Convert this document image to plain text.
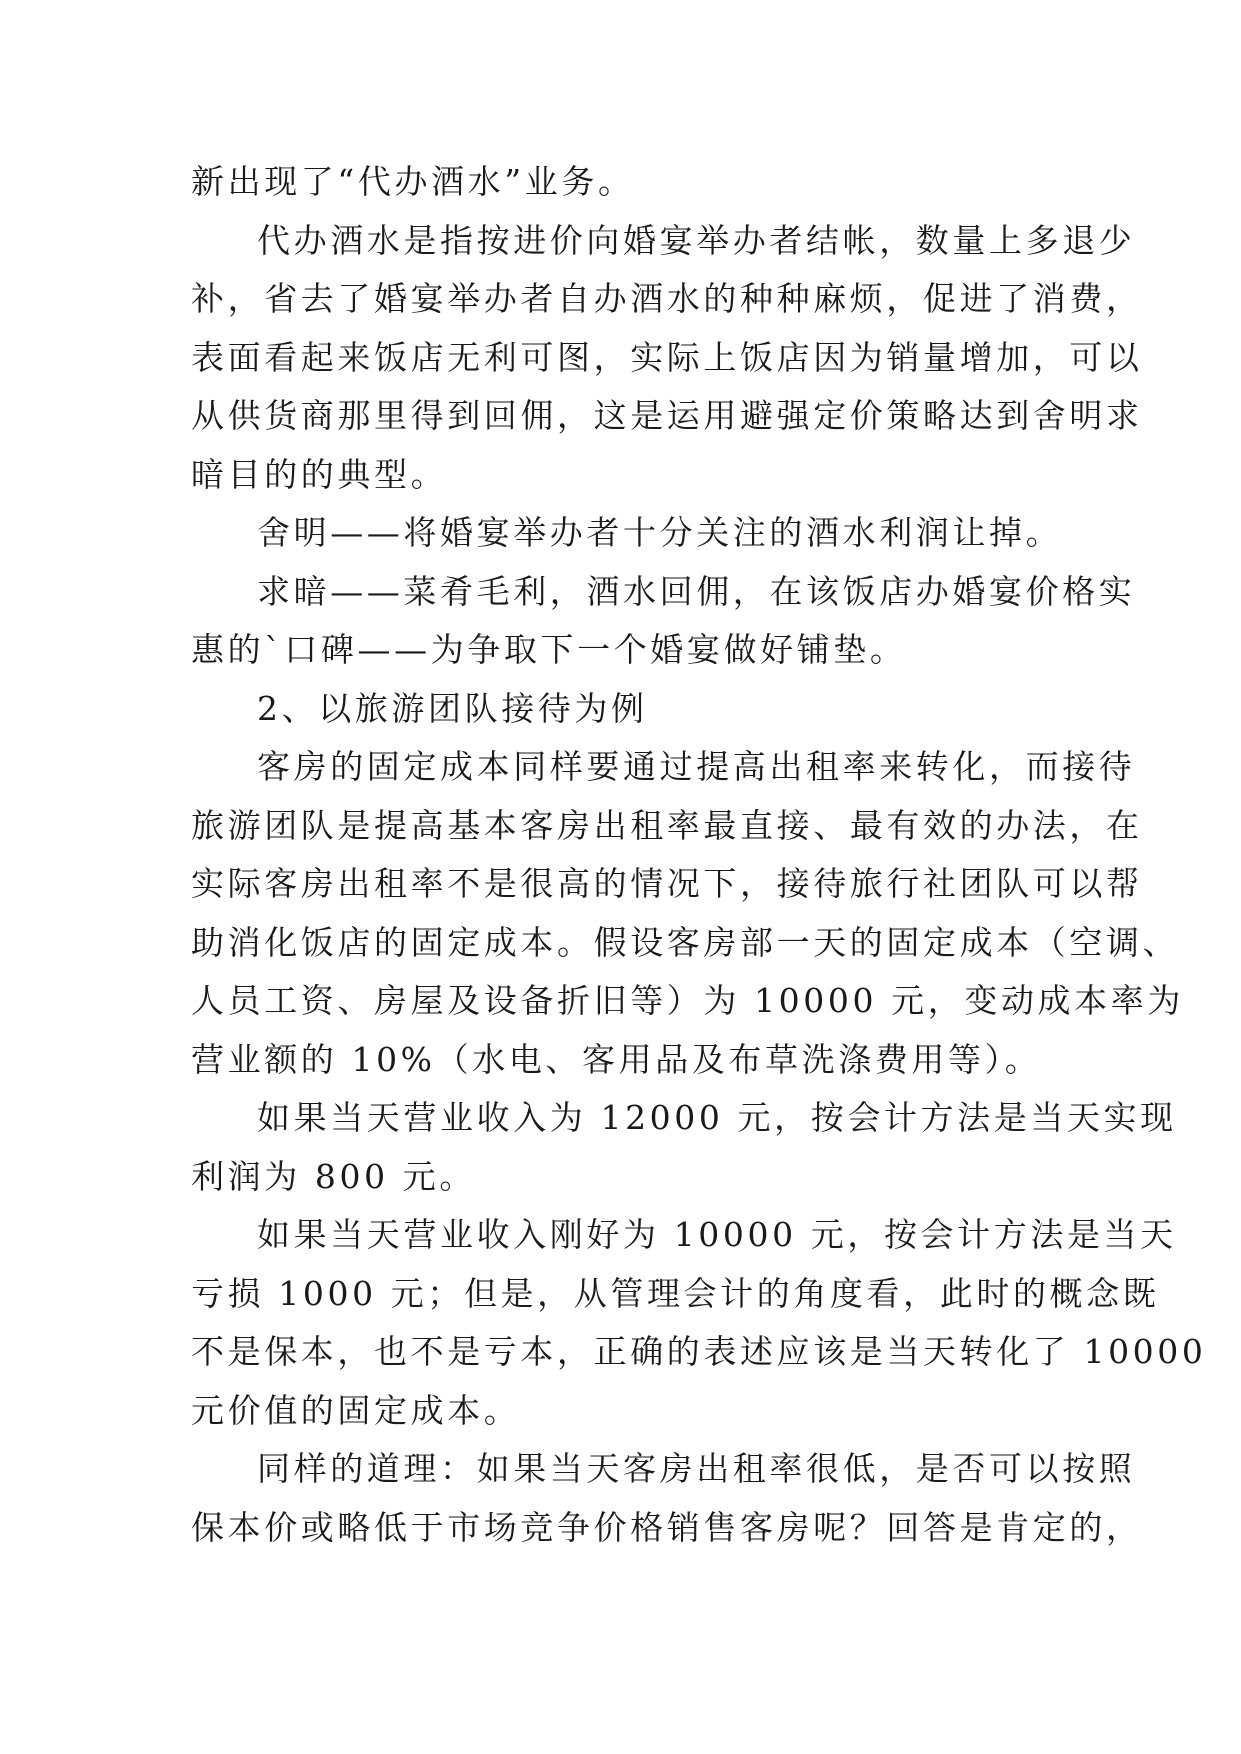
新出现了“代办酒水”业务。
代办酒水是指按进价向婚宴举办者结帐，数量上多退少
补，省去了婚宴举办者自办酒水的种种麻烦，促进了消费，
表面看起来饭店无利可图，实际上饭店因为销量增加，可以
从供货商那里得到回佣，这是运用避强定价策略达到舍明求
暗目的的典型。
舍明——将婚宴举办者十分关注的酒水利润让掉。
求暗——菜肴毛利，酒水回佣，在该饭店办婚宴价格实
惠的`口碑——为争取下一个婚宴做好铺垫。
2、以旅游团队接待为例
客房的固定成本同样要通过提高出租率来转化，而接待
旅游团队是提高基本客房出租率最直接、最有效的办法，在
实际客房出租率不是很高的情况下，接待旅行社团队可以帮
助消化饭店的固定成本。假设客房部一天的固定成本（空调、
人员工资、房屋及设备折旧等）为 10000 元，变动成本率为
营业额的 10%（水电、客用品及布草洗涤费用等）。
如果当天营业收入为 12000 元，按会计方法是当天实现
利润为 800 元。
如果当天营业收入刚好为 10000 元，按会计方法是当天
亏损 1000 元；但是，从管理会计的角度看，此时的概念既
不是保本，也不是亏本，正确的表述应该是当天转化了 10000
元价值的固定成本。
同样的道理：如果当天客房出租率很低，是否可以按照
保本价或略低于市场竞争价格销售客房呢？回答是肯定的，
